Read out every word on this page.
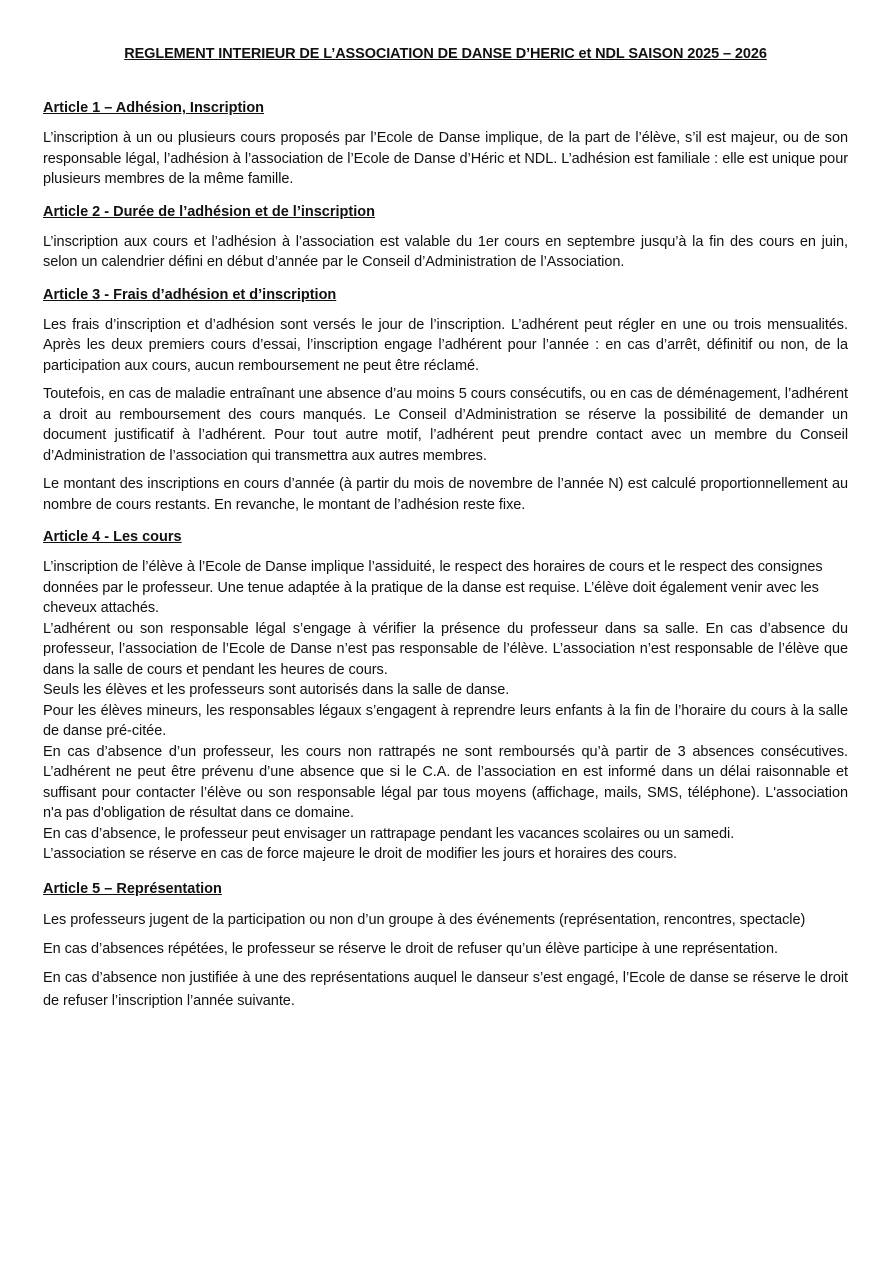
REGLEMENT INTERIEUR DE L’ASSOCIATION DE DANSE D’HERIC et NDL SAISON 2025 – 2026
Article 1 – Adhésion, Inscription

L’inscription à un ou plusieurs cours proposés par l’Ecole de Danse implique, de la part de l’élève, s’il est majeur, ou de son responsable légal, l’adhésion à l’association de l’Ecole de Danse d’Héric et NDL. L’adhésion est familiale : elle est unique pour plusieurs membres de la même famille.

Article 2 - Durée de l’adhésion et de l’inscription

L’inscription aux cours et l’adhésion à l’association est valable du 1er cours en septembre jusqu’à la fin des cours en juin, selon un calendrier défini en début d’année par le Conseil d’Administration de l’Association.

Article 3 - Frais d’adhésion et d’inscription

Les frais d’inscription et d’adhésion sont versés le jour de l’inscription. L’adhérent peut régler en une ou trois mensualités. Après les deux premiers cours d’essai, l’inscription engage l’adhérent pour l’année : en cas d’arrêt, définitif ou non, de la participation aux cours, aucun remboursement ne peut être réclamé.

Toutefois, en cas de maladie entraînant une absence d’au moins 5 cours consécutifs, ou en cas de déménagement, l’adhérent a droit au remboursement des cours manqués. Le Conseil d’Administration se réserve la possibilité de demander un document justificatif à l’adhérent. Pour tout autre motif, l’adhérent peut prendre contact avec un membre du Conseil d’Administration de l’association qui transmettra aux autres membres.

Le montant des inscriptions en cours d’année (à partir du mois de novembre de l’année N) est calculé proportionnellement au nombre de cours restants. En revanche, le montant de l’adhésion reste fixe.

Article 4 - Les cours

L’inscription de l’élève à l’Ecole de Danse implique l’assiduité, le respect des horaires de cours et le respect des consignes données par le professeur. Une tenue adaptée à la pratique de la danse est requise. L’élève doit également venir avec les cheveux attachés.

L’adhérent ou son responsable légal s’engage à vérifier la présence du professeur dans sa salle. En cas d’absence du professeur, l’association de l’Ecole de Danse n’est pas responsable de l’élève. L’association n’est responsable de l’élève que dans la salle de cours et pendant les heures de cours.

Seuls les élèves et les professeurs sont autorisés dans la salle de danse.

Pour les élèves mineurs, les responsables légaux s’engagent à reprendre leurs enfants à la fin de l’horaire du cours à la salle de danse pré-citée.

En cas d’absence d’un professeur, les cours non rattrapés ne sont remboursés qu’à partir de 3 absences consécutives. L’adhérent ne peut être prévenu d’une absence que si le C.A. de l’association en est informé dans un délai raisonnable et suffisant pour contacter l’élève ou son responsable légal par tous moyens (affichage, mails, SMS, téléphone). L'association n'a pas d'obligation de résultat dans ce domaine.

En cas d’absence, le professeur peut envisager un rattrapage pendant les vacances scolaires ou un samedi.

L’association se réserve en cas de force majeure le droit de modifier les jours et horaires des cours.

Article 5 – Représentation

Les professeurs jugent de la participation ou non d’un groupe à des événements (représentation, rencontres, spectacle)

En cas d’absences répétées, le professeur se réserve le droit de refuser qu’un élève participe à une représentation.

En cas d’absence non justifiée à une des représentations auquel le danseur s’est engagé, l’Ecole de danse se réserve le droit de refuser l’inscription l’année suivante.
